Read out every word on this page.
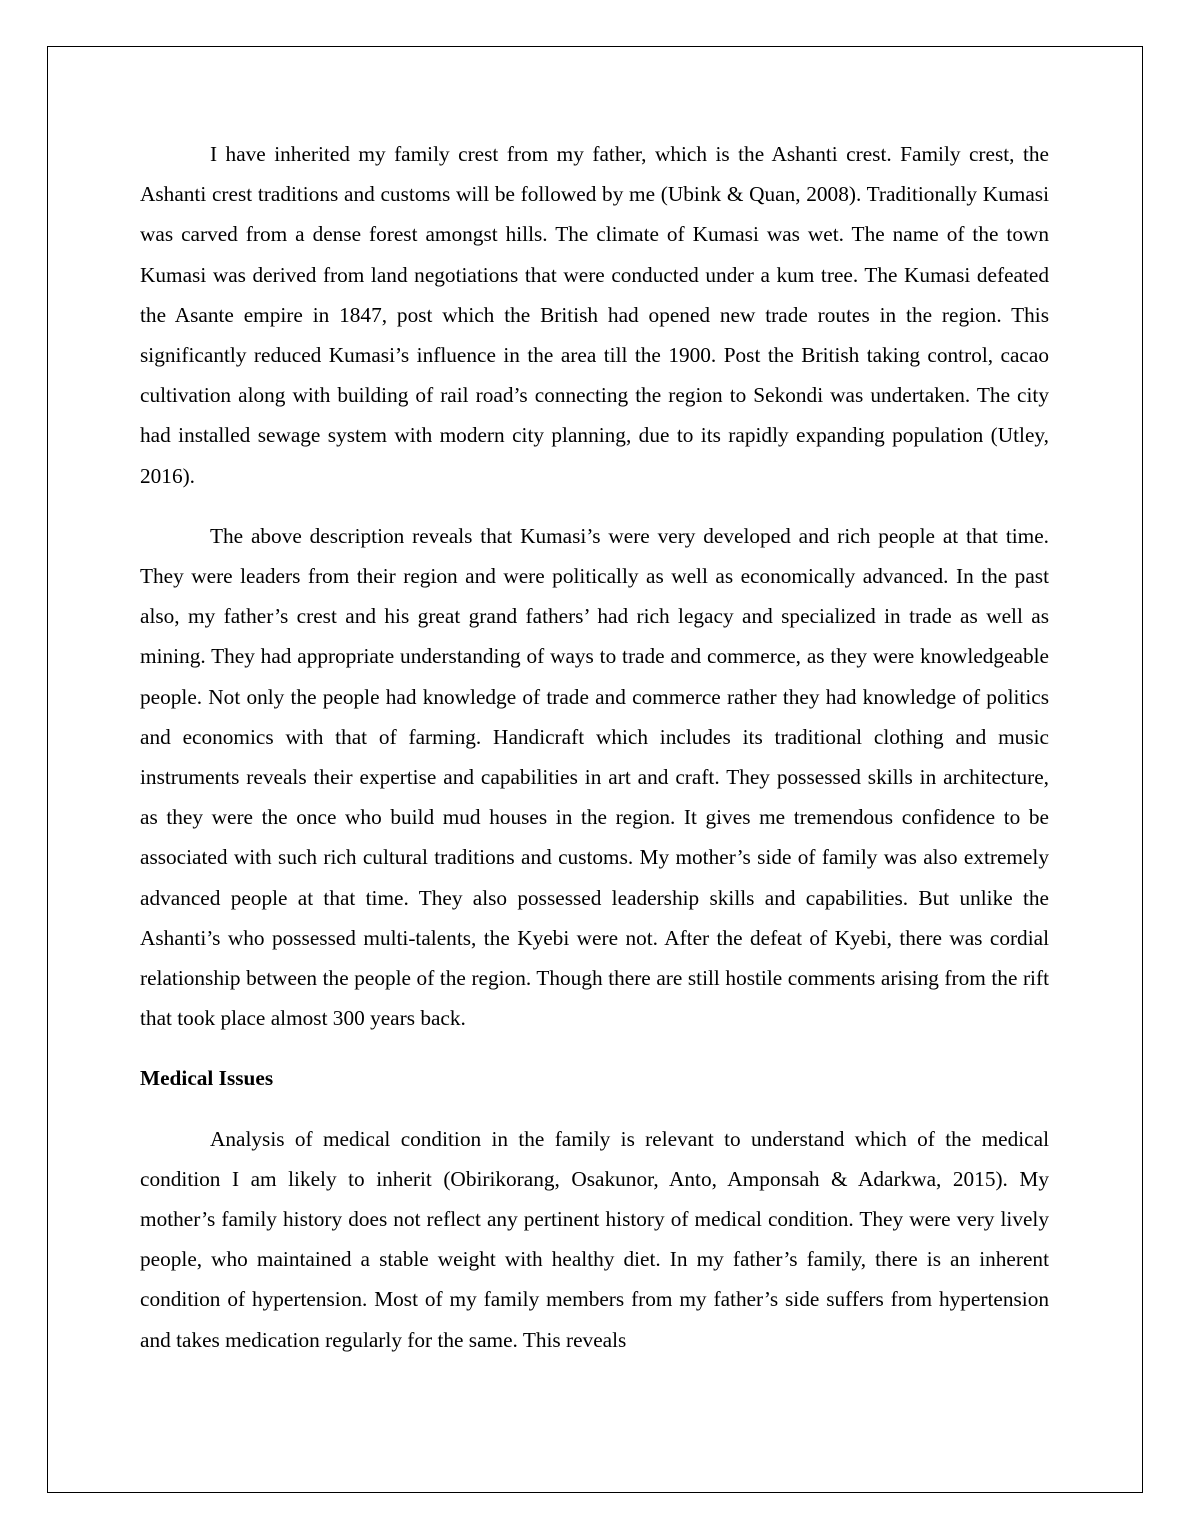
I have inherited my family crest from my father, which is the Ashanti crest. Family crest, the Ashanti crest traditions and customs will be followed by me (Ubink & Quan, 2008). Traditionally Kumasi was carved from a dense forest amongst hills. The climate of Kumasi was wet. The name of the town Kumasi was derived from land negotiations that were conducted under a kum tree. The Kumasi defeated the Asante empire in 1847, post which the British had opened new trade routes in the region. This significantly reduced Kumasi’s influence in the area till the 1900. Post the British taking control, cacao cultivation along with building of rail road’s connecting the region to Sekondi was undertaken. The city had installed sewage system with modern city planning, due to its rapidly expanding population (Utley, 2016).

The above description reveals that Kumasi’s were very developed and rich people at that time. They were leaders from their region and were politically as well as economically advanced. In the past also, my father’s crest and his great grand fathers’ had rich legacy and specialized in trade as well as mining. They had appropriate understanding of ways to trade and commerce, as they were knowledgeable people. Not only the people had knowledge of trade and commerce rather they had knowledge of politics and economics with that of farming. Handicraft which includes its traditional clothing and music instruments reveals their expertise and capabilities in art and craft. They possessed skills in architecture, as they were the once who build mud houses in the region. It gives me tremendous confidence to be associated with such rich cultural traditions and customs. My mother’s side of family was also extremely advanced people at that time. They also possessed leadership skills and capabilities. But unlike the Ashanti’s who possessed multi-talents, the Kyebi were not. After the defeat of Kyebi, there was cordial relationship between the people of the region. Though there are still hostile comments arising from the rift that took place almost 300 years back.

Medical Issues

Analysis of medical condition in the family is relevant to understand which of the medical condition I am likely to inherit (Obirikorang, Osakunor, Anto, Amponsah & Adarkwa, 2015). My mother’s family history does not reflect any pertinent history of medical condition. They were very lively people, who maintained a stable weight with healthy diet. In my father’s family, there is an inherent condition of hypertension. Most of my family members from my father’s side suffers from hypertension and takes medication regularly for the same. This reveals
